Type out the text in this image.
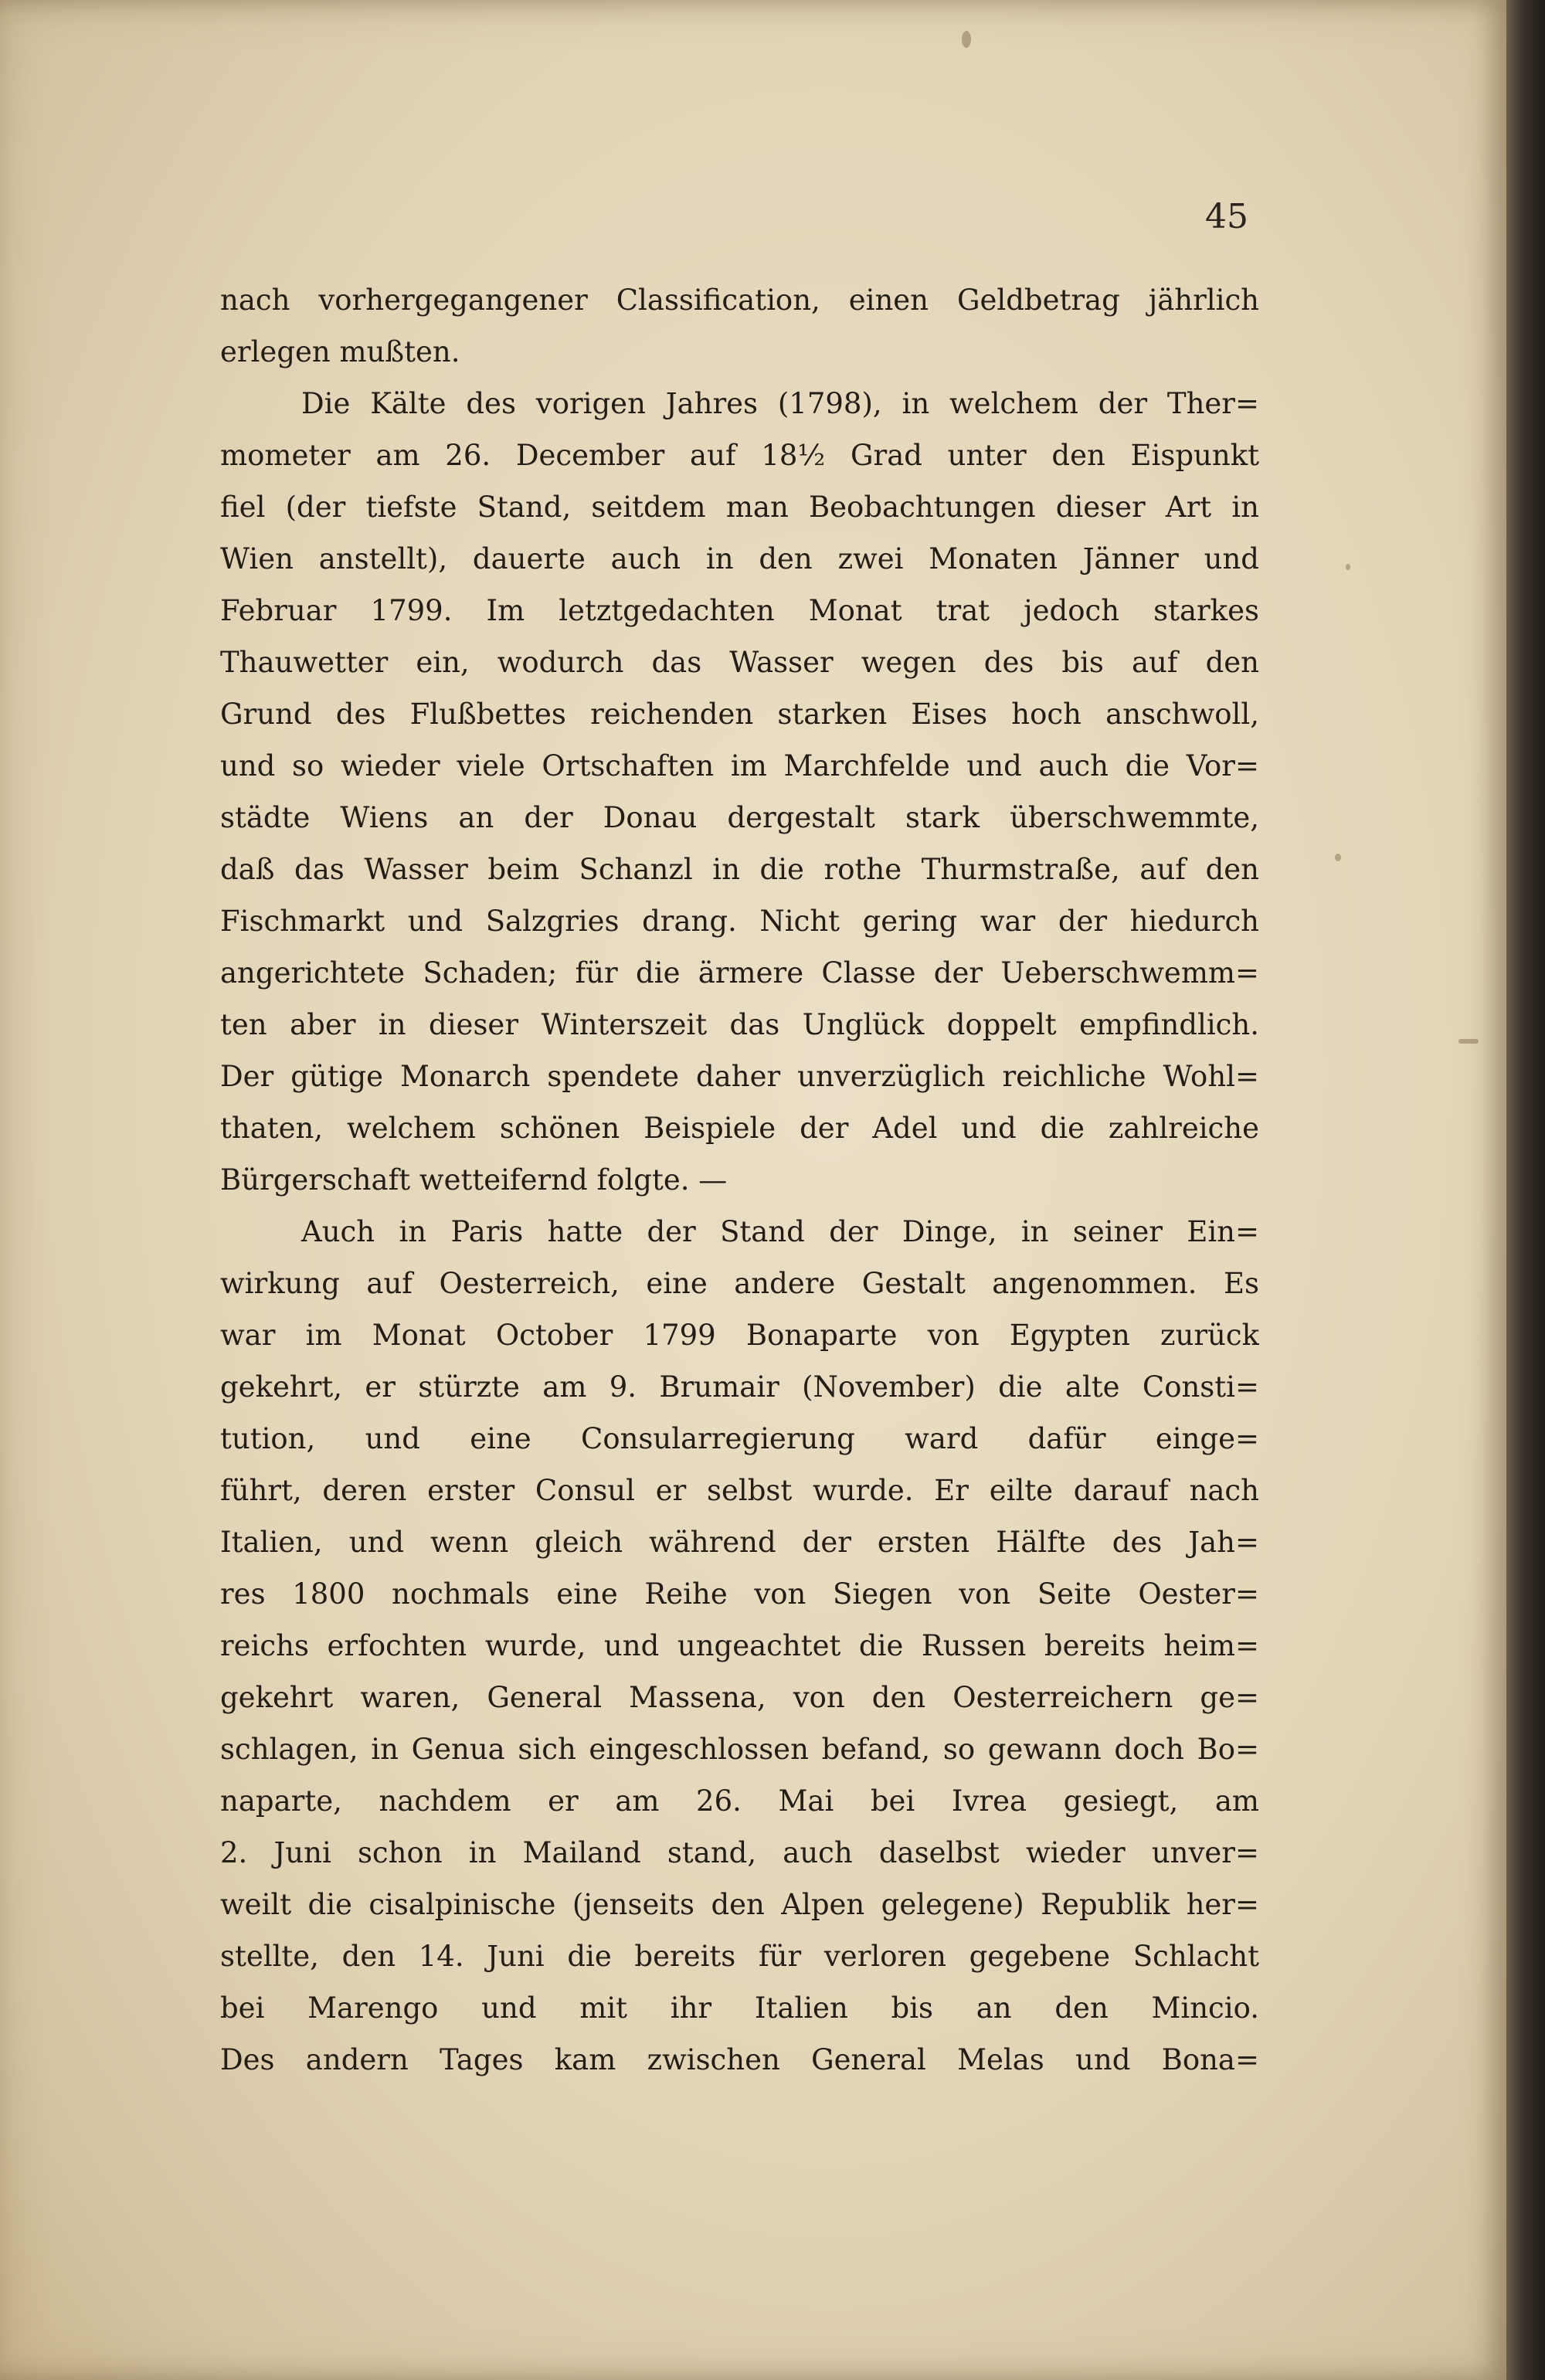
45
nach vorhergegangener Classification, einen Geldbetrag jährlich
erlegen mußten.
Die Kälte des vorigen Jahres (1798), in welchem der Ther=
mometer am 26. December auf 18½ Grad unter den Eispunkt
fiel (der tiefste Stand, seitdem man Beobachtungen dieser Art in
Wien anstellt), dauerte auch in den zwei Monaten Jänner und
Februar 1799. Im letztgedachten Monat trat jedoch starkes
Thauwetter ein, wodurch das Wasser wegen des bis auf den
Grund des Flußbettes reichenden starken Eises hoch anschwoll,
und so wieder viele Ortschaften im Marchfelde und auch die Vor=
städte Wiens an der Donau dergestalt stark überschwemmte,
daß das Wasser beim Schanzl in die rothe Thurmstraße, auf den
Fischmarkt und Salzgries drang. Nicht gering war der hiedurch
angerichtete Schaden; für die ärmere Classe der Ueberschwemm=
ten aber in dieser Winterszeit das Unglück doppelt empfindlich.
Der gütige Monarch spendete daher unverzüglich reichliche Wohl=
thaten, welchem schönen Beispiele der Adel und die zahlreiche
Bürgerschaft wetteifernd folgte. —
Auch in Paris hatte der Stand der Dinge, in seiner Ein=
wirkung auf Oesterreich, eine andere Gestalt angenommen. Es
war im Monat October 1799 Bonaparte von Egypten zurück
gekehrt, er stürzte am 9. Brumair (November) die alte Consti=
tution, und eine Consularregierung ward dafür einge=
führt, deren erster Consul er selbst wurde. Er eilte darauf nach
Italien, und wenn gleich während der ersten Hälfte des Jah=
res 1800 nochmals eine Reihe von Siegen von Seite Oester=
reichs erfochten wurde, und ungeachtet die Russen bereits heim=
gekehrt waren, General Massena, von den Oesterreichern ge=
schlagen, in Genua sich eingeschlossen befand, so gewann doch Bo=
naparte, nachdem er am 26. Mai bei Ivrea gesiegt, am
2. Juni schon in Mailand stand, auch daselbst wieder unver=
weilt die cisalpinische (jenseits den Alpen gelegene) Republik her=
stellte, den 14. Juni die bereits für verloren gegebene Schlacht
bei Marengo und mit ihr Italien bis an den Mincio.
Des andern Tages kam zwischen General Melas und Bona=
